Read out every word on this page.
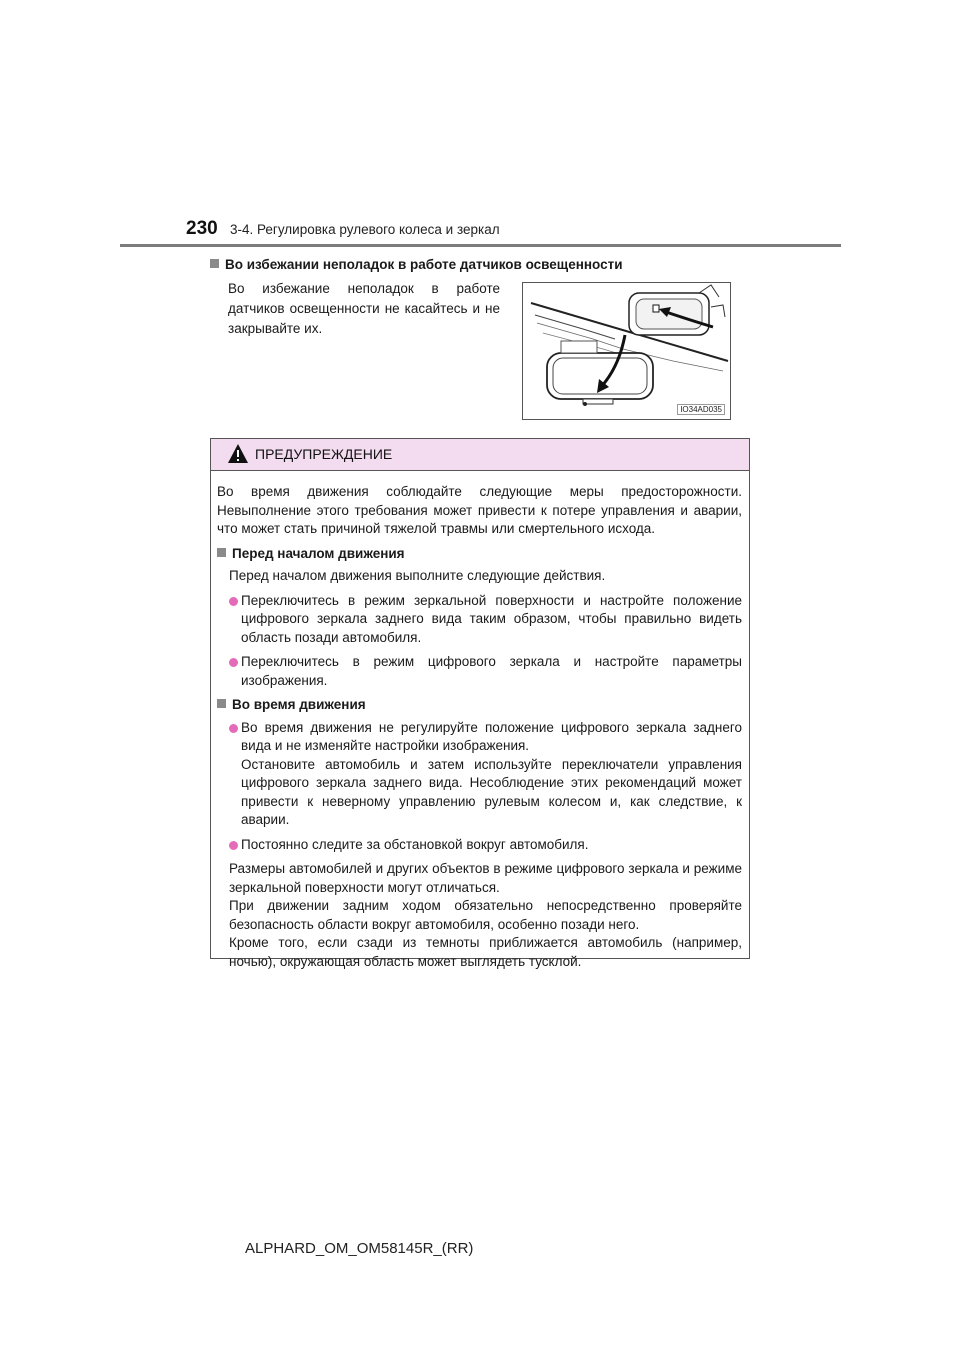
230 3-4. Регулировка рулевого колеса и зеркал
Во избежании неполадок в работе датчиков освещенности
Во избежание неполадок в работе датчиков освещенности не касайтесь и не закрывайте их.
IO34AD035
ПРЕДУПРЕЖДЕНИЕ

Во время движения соблюдайте следующие меры предосторожности. Невыполнение этого требования может привести к потере управления и аварии, что может стать причиной тяжелой травмы или смертельного исхода.

Перед началом движения

Перед началом движения выполните следующие действия.

Переключитесь в режим зеркальной поверхности и настройте положение цифрового зеркала заднего вида таким образом, чтобы правильно видеть область позади автомобиля.

Переключитесь в режим цифрового зеркала и настройте параметры изображения.

Во время движения

Во время движения не регулируйте положение цифрового зеркала заднего вида и не изменяйте настройки изображения.

Остановите автомобиль и затем используйте переключатели управления цифрового зеркала заднего вида. Несоблюдение этих рекомендаций может привести к неверному управлению рулевым колесом и, как следствие, к аварии.

Постоянно следите за обстановкой вокруг автомобиля.

Размеры автомобилей и других объектов в режиме цифрового зеркала и режиме зеркальной поверхности могут отличаться.

При движении задним ходом обязательно непосредственно проверяйте безопасность области вокруг автомобиля, особенно позади него.

Кроме того, если сзади из темноты приближается автомобиль (например, ночью), окружающая область может выглядеть тусклой.

ALPHARD_OM_OM58145R_(RR)
